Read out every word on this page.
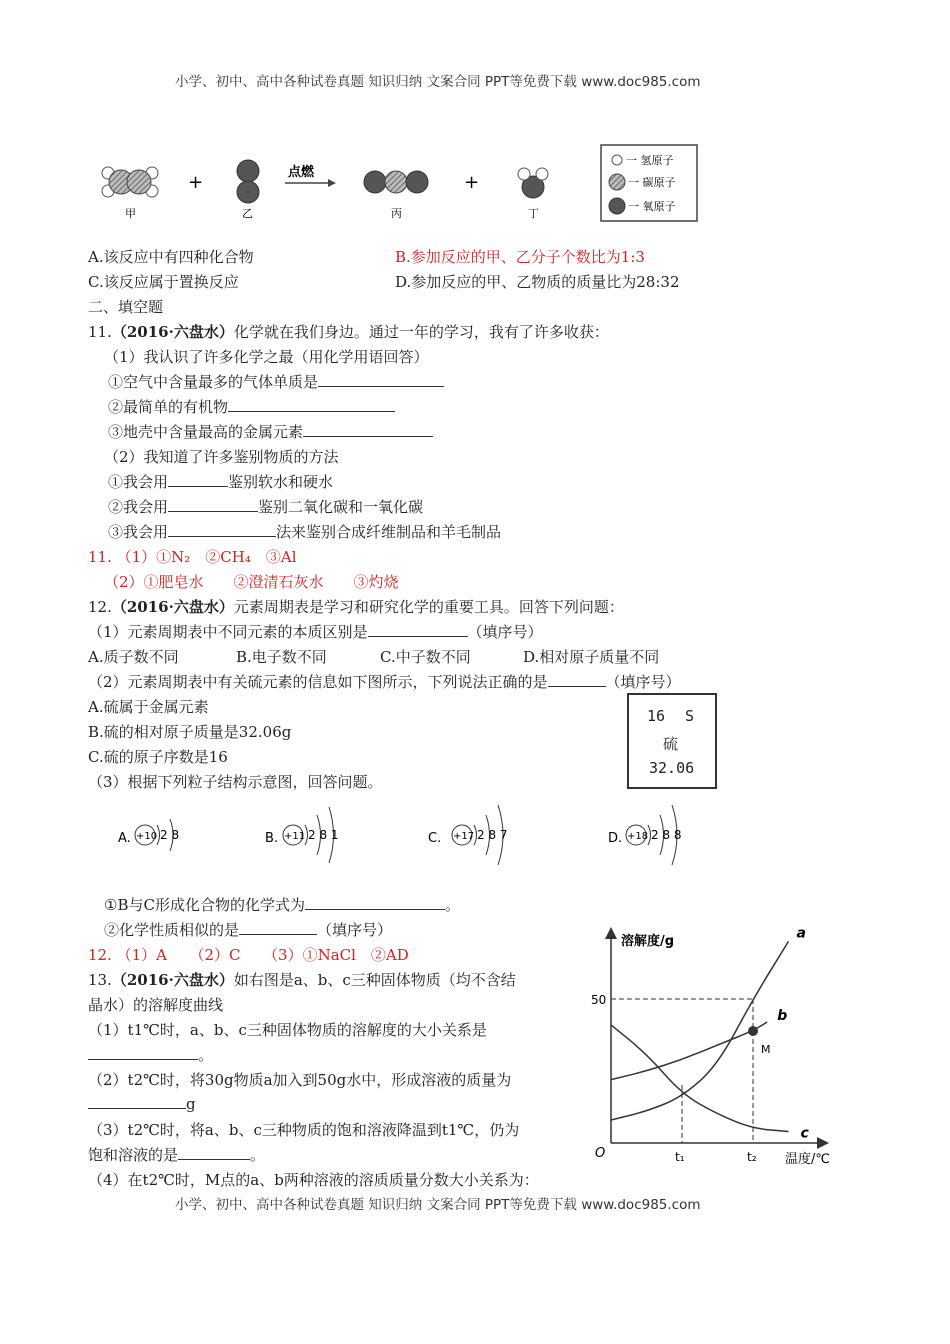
小学、初中、高中各种试卷真题 知识归纳 文案合同 PPT等免费下载 www.doc985.com
甲
+
乙
点燃
丙
+
丁
一 氢原子
一 碳原子
一 氧原子
A.该反应中有四种化合物	B.参加反应的甲、乙分子个数比为1:3
C.该反应属于置换反应	D.参加反应的甲、乙物质的质量比为28:32
二、填空题
11.（2016·六盘水）化学就在我们身边。通过一年的学习，我有了许多收获：
（1）我认识了许多化学之最（用化学用语回答）
①空气中含量最多的气体单质是
②最简单的有机物
③地壳中含量最高的金属元素
（2）我知道了许多鉴别物质的方法
①我会用	鉴别软水和硬水
②我会用	鉴别二氧化碳和一氧化碳
③我会用	法来鉴别合成纤维制品和羊毛制品
11. （1）①N₂　②CH₄　③Al
（2）①肥皂水　　②澄清石灰水　　③灼烧
12.（2016·六盘水）元素周期表是学习和研究化学的重要工具。回答下列问题：
（1）元素周期表中不同元素的本质区别是	（填序号）
A.质子数不同	B.电子数不同	C.中子数不同	D.相对原子质量不同
（2）元素周期表中有关硫元素的信息如下图所示，下列说法正确的是	（填序号）
A.硫属于金属元素
B.硫的相对原子质量是32.06g
C.硫的原子序数是16
16 S
硫
32.06
（3）根据下列粒子结构示意图，回答问题。
A. +10 2 8	B. +11 2 8 1	C. +17 2 8 7	D. +18 2 8 8
①B与C形成化合物的化学式为	。
②化学性质相似的是	（填序号）
12. （1）A　　（2）C　　（3）①NaCl　②AD
13.（2016·六盘水）如右图是a、b、c三种固体物质（均不含结
晶水）的溶解度曲线
（1）t1℃时，a、b、c三种固体物质的溶解度的大小关系是
。
（2）t2℃时，将30g物质a加入到50g水中，形成溶液的质量为
g
（3）t2℃时，将a、b、c三种物质的饱和溶液降温到t1℃，仍为
饱和溶液的是	。
（4）在t2℃时，M点的a、b两种溶液的溶质质量分数大小关系为：
溶解度/g
温度/℃
O
50
t₁	t₂
a
b
c
M
小学、初中、高中各种试卷真题 知识归纳 文案合同 PPT等免费下载 www.doc985.com
